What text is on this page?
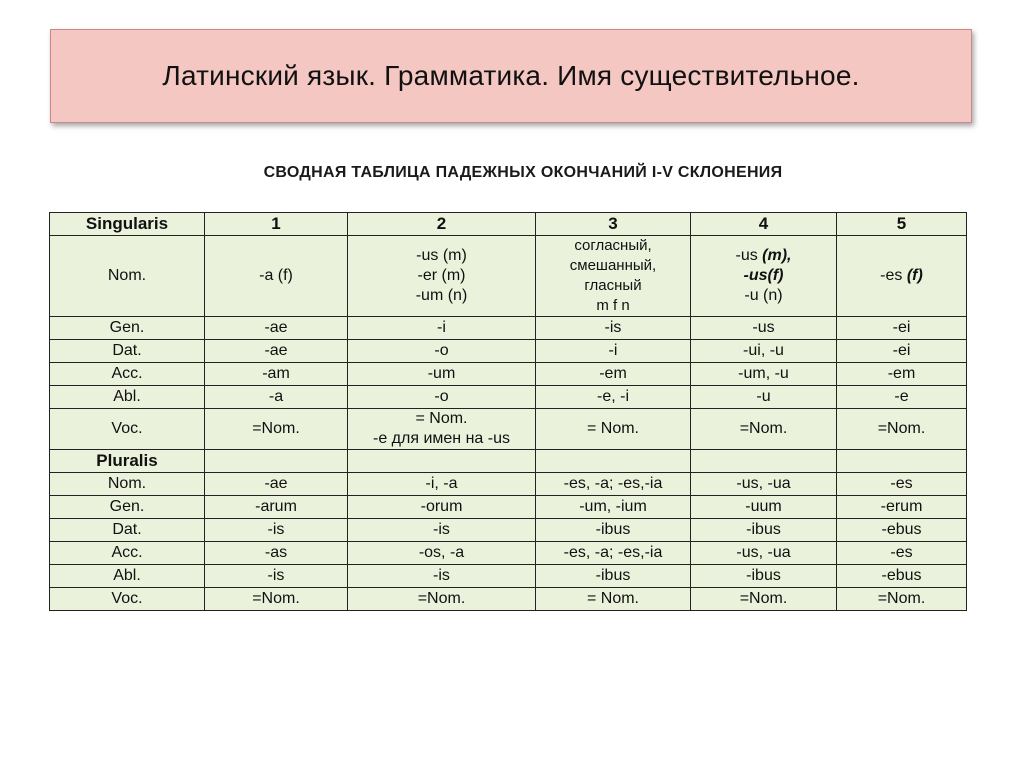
Латинский язык. Грамматика. Имя существительное.
СВОДНАЯ ТАБЛИЦА ПАДЕЖНЫХ ОКОНЧАНИЙ I-V СКЛОНЕНИЯ
Singularis	1	2	3	4	5
Nom.	-a (f)	-us (m)
-er (m)
-um (n)	согласный,
смешанный,
гласный
m f n	-us (m),
-us(f)
-u (n)	-es (f)
Gen.	-ae	-i	-is	-us	-ei
Dat.	-ae	-o	-i	-ui, -u	-ei
Acc.	-am	-um	-em	-um, -u	-em
Abl.	-a	-o	-e, -i	-u	-e
Voc.	=Nom.	= Nom.
-е для имен на -us	= Nom.	=Nom.	=Nom.
Pluralis					
Nom.	-ae	-i, -a	-es, -a; -es,-ia	-us, -ua	-es
Gen.	-arum	-orum	-um, -ium	-uum	-erum
Dat.	-is	-is	-ibus	-ibus	-ebus
Acc.	-as	-os, -a	-es, -a; -es,-ia	-us, -ua	-es
Abl.	-is	-is	-ibus	-ibus	-ebus
Voc.	=Nom.	=Nom.	= Nom.	=Nom.	=Nom.
